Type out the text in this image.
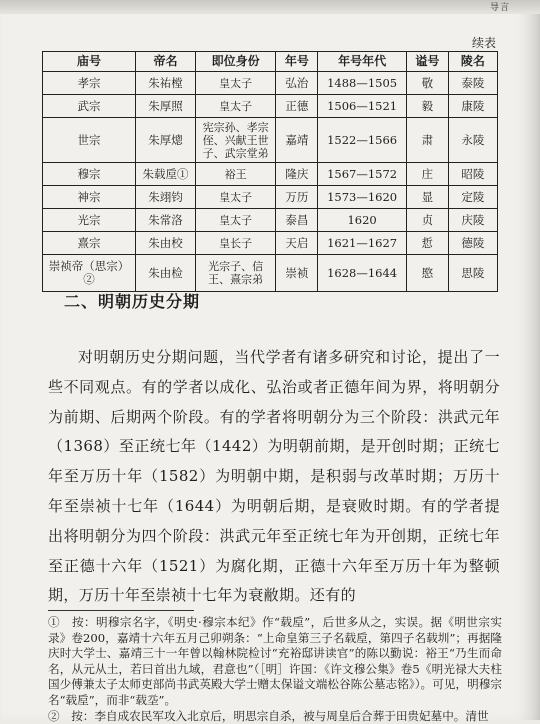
导言
续表
庙号	帝名	即位身份	年号	年号年代	谥号	陵名
孝宗	朱祐樘	皇太子	弘治	1488—1505	敬	泰陵
武宗	朱厚照	皇太子	正德	1506—1521	毅	康陵
世宗	朱厚熜	宪宗孙、孝宗
侄、兴献王世
子、武宗堂弟	嘉靖	1522—1566	肃	永陵
穆宗	朱载垕①	裕王	隆庆	1567—1572	庄	昭陵
神宗	朱翊钧	皇太子	万历	1573—1620	显	定陵
光宗	朱常洛	皇太子	泰昌	1620	贞	庆陵
熹宗	朱由校	皇长子	天启	1621—1627	悊	德陵
崇祯帝（思宗）②	朱由检	光宗子、信
王、熹宗弟	崇祯	1628—1644	愍	思陵
二、明朝历史分期

对明朝历史分期问题，当代学者有诸多研究和讨论，提出了一些不同观点。有的学者以成化、弘治或者正德年间为界，将明朝分为前期、后期两个阶段。有的学者将明朝分为三个阶段：洪武元年（1368）至正统七年（1442）为明朝前期，是开创时期；正统七年至万历十年（1582）为明朝中期，是积弱与改革时期；万历十年至崇祯十七年（1644）为明朝后期，是衰败时期。有的学者提出将明朝分为四个阶段：洪武元年至正统七年为开创期，正统七年至正德十六年（1521）为腐化期，正德十六年至万历十年为整顿期，万历十年至崇祯十七年为衰敝期。还有的

①　按：明穆宗名字，《明史·穆宗本纪》作“载垕”，后世多从之，实误。据《明世宗实录》卷200，嘉靖十六年五月己卯朔条：“上命皇第三子名载垕，第四子名载圳”；再据隆庆时大学士、嘉靖三十一年曾以翰林院检讨“充裕邸讲读官”的陈以勤说：裕王“乃生而命名，从元从土，若曰首出九域，君意也”（［明］许国：《许文穆公集》卷5《明光禄大夫柱国少傅兼太子太师吏部尚书武英殿大学士赠太保谥文端松谷陈公墓志铭》）。可见，明穆宗名“载垕”，而非“载坖”。

②　按：李自成农民军攻入北京后，明思宗自杀，被与周皇后合葬于田贵妃墓中。清世
